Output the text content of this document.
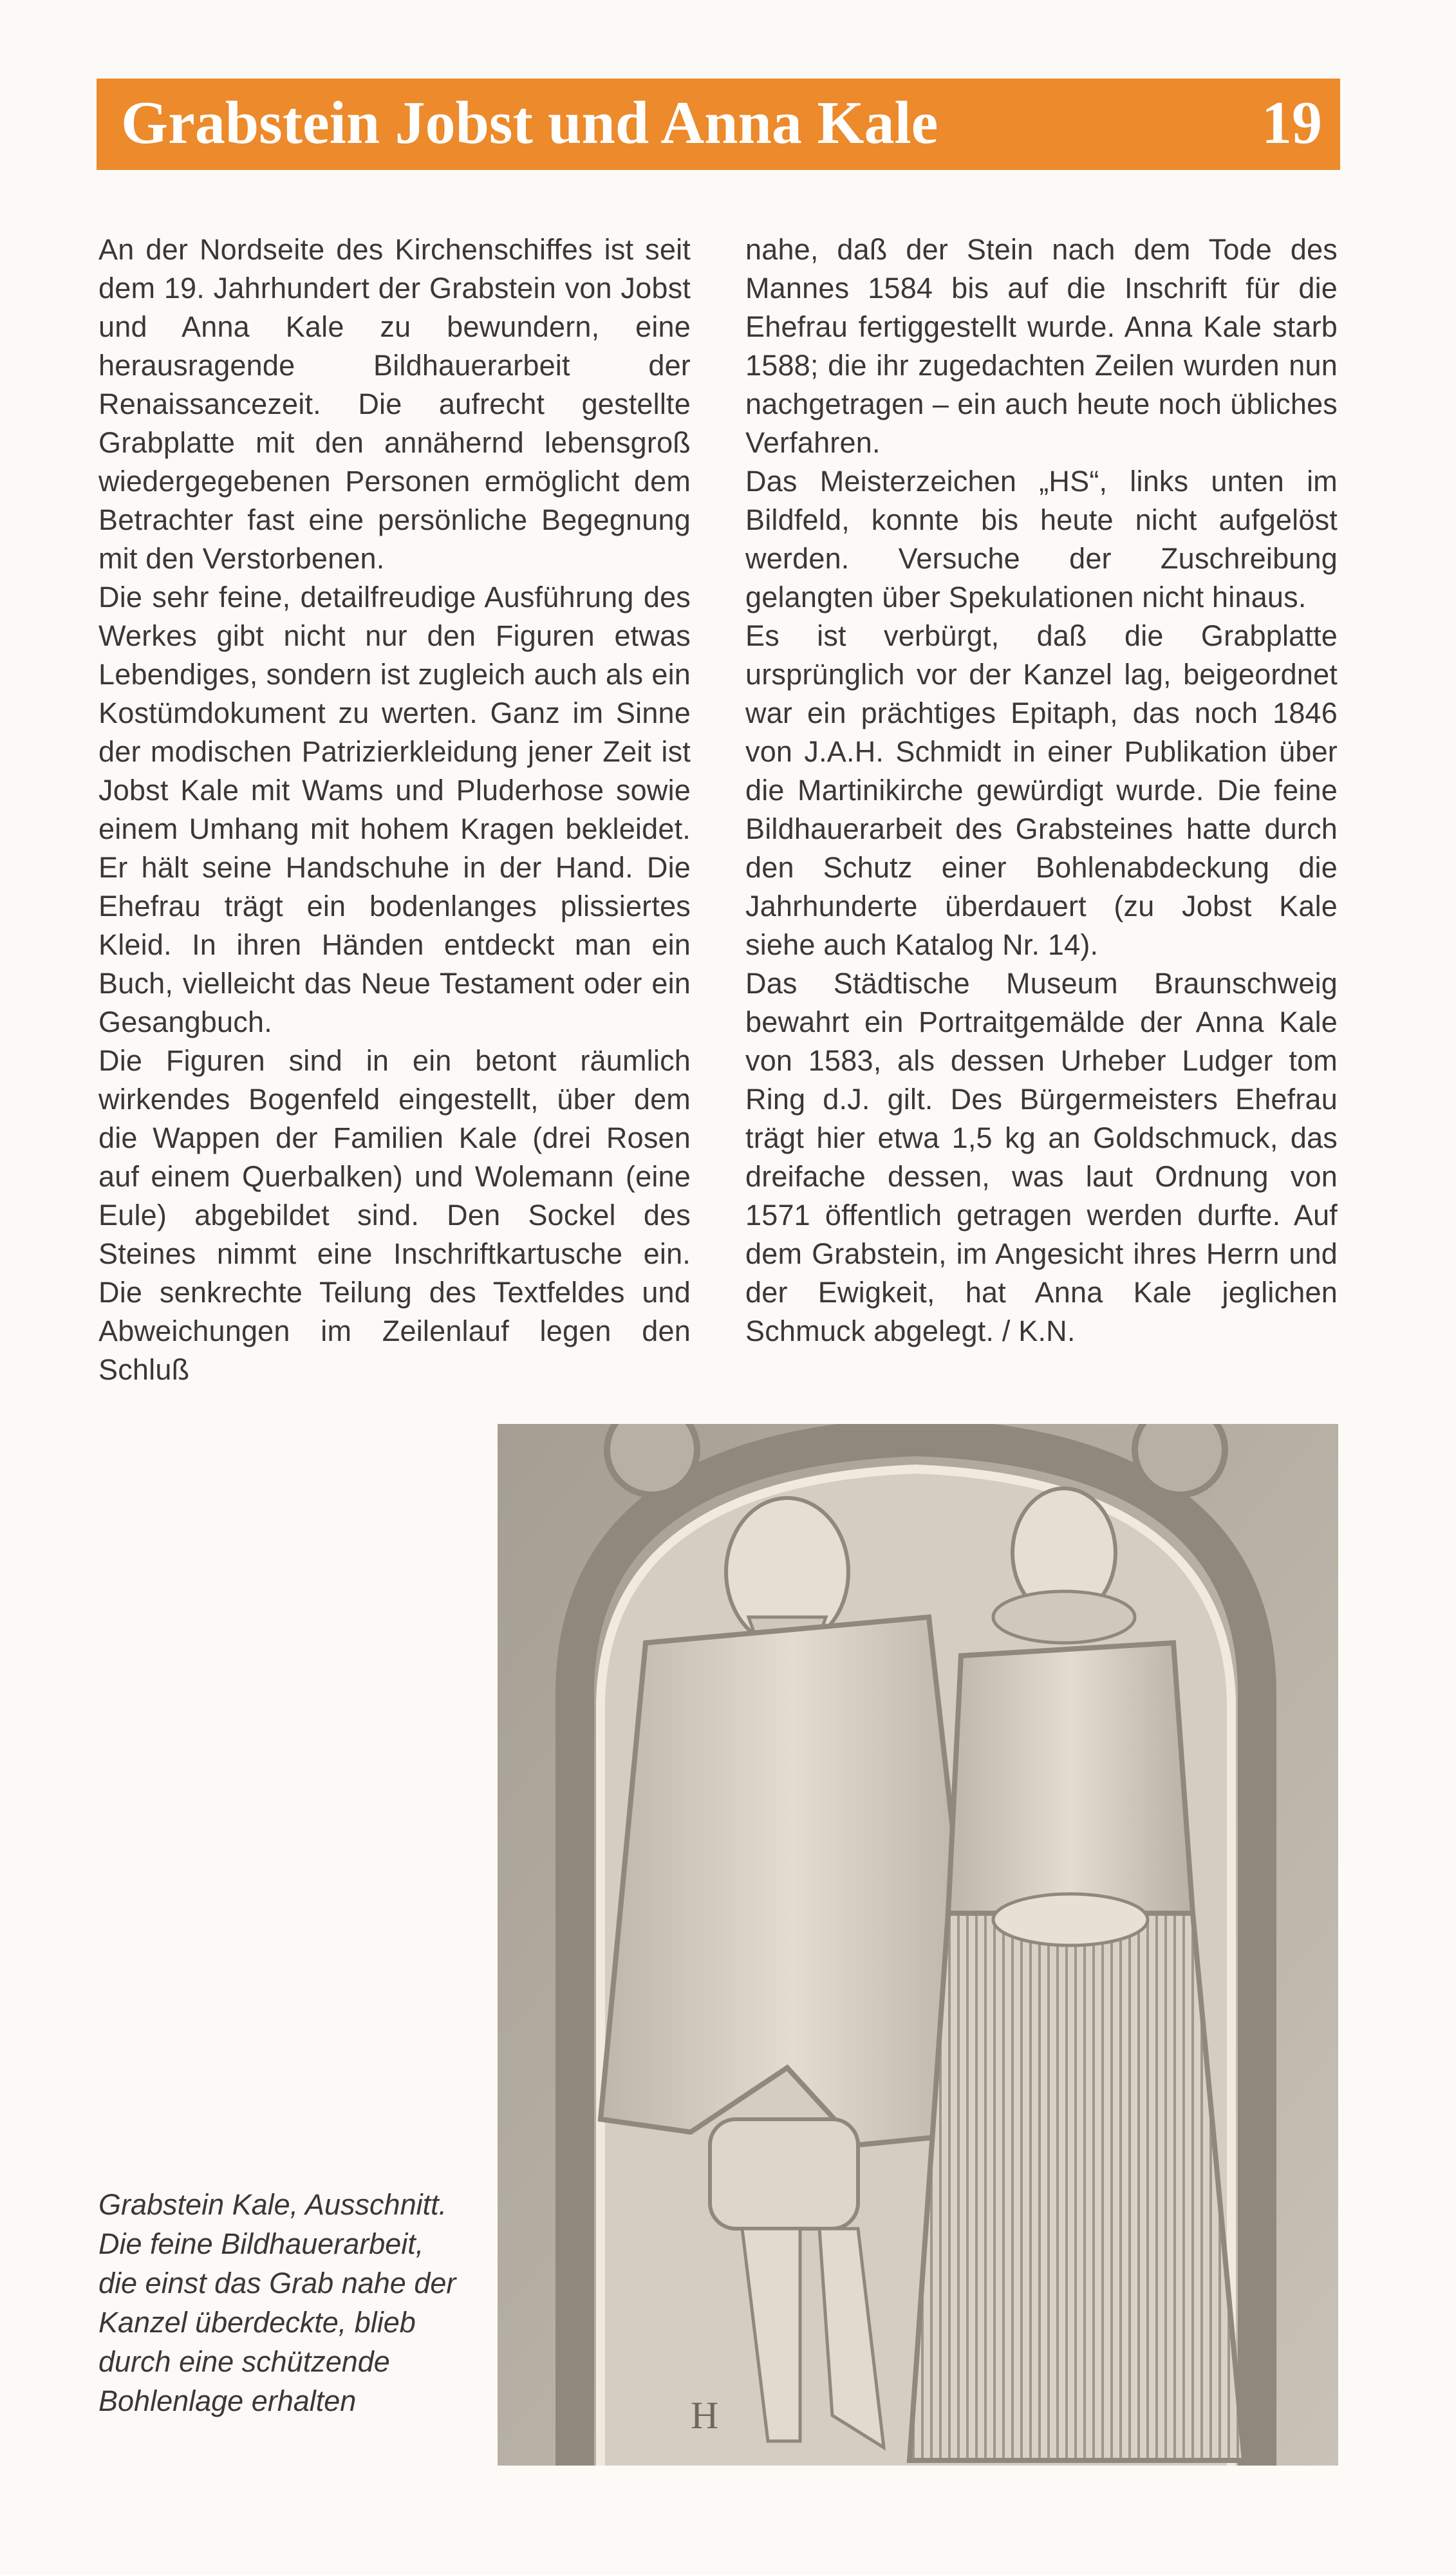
Grabstein Jobst und Anna Kale	19

An der Nordseite des Kirchenschiffes ist seit dem 19. Jahrhundert der Grabstein von Jobst und Anna Kale zu bewundern, eine herausragende Bildhauerarbeit der Renaissancezeit. Die aufrecht gestellte Grabplatte mit den annähernd lebensgroß wiedergegebenen Personen ermöglicht dem Betrachter fast eine persönliche Begegnung mit den Verstorbenen.

Die sehr feine, detailfreudige Ausführung des Werkes gibt nicht nur den Figuren etwas Lebendiges, sondern ist zugleich auch als ein Kostümdokument zu werten. Ganz im Sinne der modischen Patrizierkleidung jener Zeit ist Jobst Kale mit Wams und Pluderhose sowie einem Umhang mit hohem Kragen bekleidet. Er hält seine Handschuhe in der Hand. Die Ehefrau trägt ein bodenlanges plissiertes Kleid. In ihren Händen entdeckt man ein Buch, vielleicht das Neue Testament oder ein Gesangbuch.

Die Figuren sind in ein betont räumlich wirkendes Bogenfeld eingestellt, über dem die Wappen der Familien Kale (drei Rosen auf einem Querbalken) und Wolemann (eine Eule) abgebildet sind. Den Sockel des Steines nimmt eine Inschriftkartusche ein. Die senkrechte Teilung des Textfeldes und Abweichungen im Zeilenlauf legen den Schluß

nahe, daß der Stein nach dem Tode des Mannes 1584 bis auf die Inschrift für die Ehefrau fertiggestellt wurde. Anna Kale starb 1588; die ihr zugedachten Zeilen wurden nun nachgetragen – ein auch heute noch übliches Verfahren.

Das Meisterzeichen „HS“, links unten im Bildfeld, konnte bis heute nicht aufgelöst werden. Versuche der Zuschreibung gelangten über Spekulationen nicht hinaus.

Es ist verbürgt, daß die Grabplatte ursprünglich vor der Kanzel lag, beigeordnet war ein prächtiges Epitaph, das noch 1846 von J.A.H. Schmidt in einer Publikation über die Martinikirche gewürdigt wurde. Die feine Bildhauerarbeit des Grabsteines hatte durch den Schutz einer Bohlenabdeckung die Jahrhunderte überdauert (zu Jobst Kale siehe auch Katalog Nr. 14).

Das Städtische Museum Braunschweig bewahrt ein Portraitgemälde der Anna Kale von 1583, als dessen Urheber Ludger tom Ring d.J. gilt. Des Bürgermeisters Ehefrau trägt hier etwa 1,5 kg an Goldschmuck, das dreifache dessen, was laut Ordnung von 1571 öffentlich getragen werden durfte. Auf dem Grabstein, im Angesicht ihres Herrn und der Ewigkeit, hat Anna Kale jeglichen Schmuck abgelegt. / K.N.

H

Grabstein Kale, Ausschnitt. Die feine Bildhauerarbeit, die einst das Grab nahe der Kanzel überdeckte, blieb durch eine schützende Bohlenlage erhalten
